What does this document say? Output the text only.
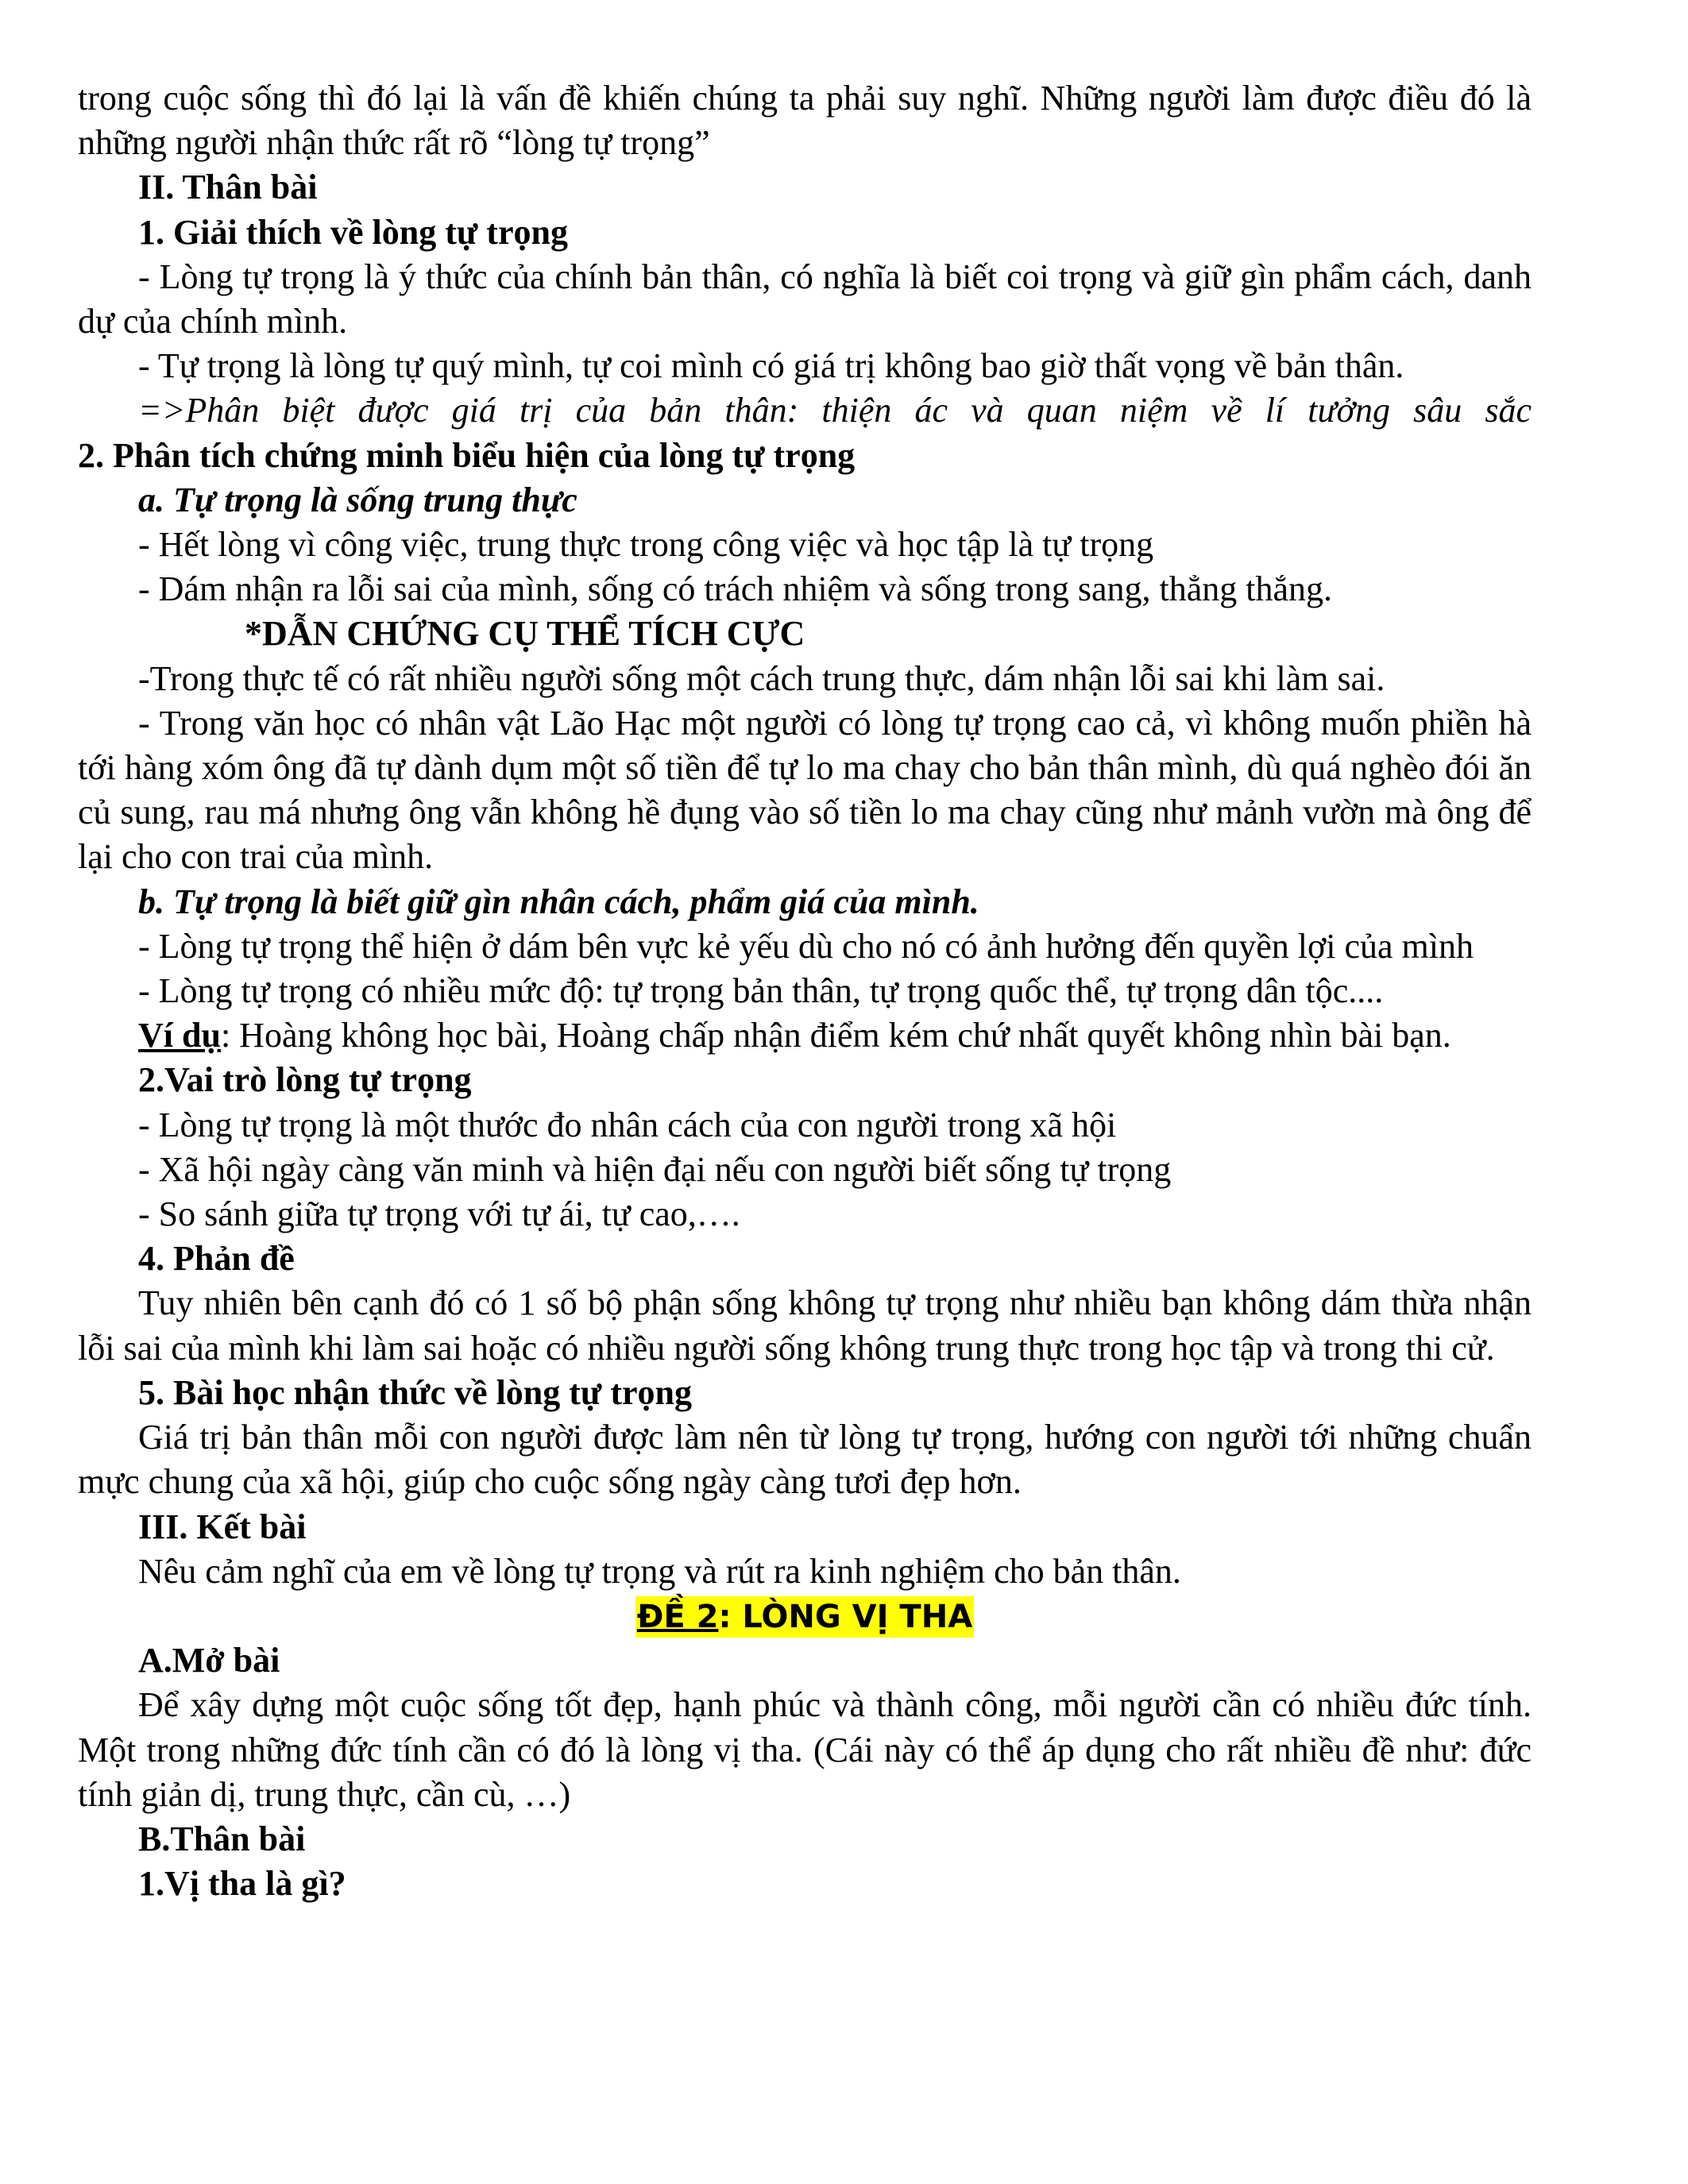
trong cuộc sống thì đó lại là vấn đề khiến chúng ta phải suy nghĩ. Những người làm được điều đó là những người nhận thức rất rõ “lòng tự trọng”

II. Thân bài

1. Giải thích về lòng tự trọng

- Lòng tự trọng là ý thức của chính bản thân, có nghĩa là biết coi trọng và giữ gìn phẩm cách, danh dự của chính mình.

- Tự trọng là lòng tự quý mình, tự coi mình có giá trị không bao giờ thất vọng về bản thân.

=>Phân biệt được giá trị của bản thân: thiện ác và quan niệm về lí tưởng sâu sắc

2. Phân tích chứng minh biểu hiện của lòng tự trọng

a. Tự trọng là sống trung thực

- Hết lòng vì công việc, trung thực trong công việc và học tập là tự trọng

- Dám nhận ra lỗi sai của mình, sống có trách nhiệm và sống trong sang, thẳng thắng.

*DẪN CHỨNG CỤ THỂ TÍCH CỰC

-Trong thực tế có rất nhiều người sống một cách trung thực, dám nhận lỗi sai khi làm sai.

- Trong văn học có nhân vật Lão Hạc một người có lòng tự trọng cao cả, vì không muốn phiền hà tới hàng xóm ông đã tự dành dụm một số tiền để tự lo ma chay cho bản thân mình, dù quá nghèo đói ăn củ sung, rau má nhưng ông vẫn không hề đụng vào số tiền lo ma chay cũng như mảnh vườn mà ông để lại cho con trai của mình.

b. Tự trọng là biết giữ gìn nhân cách, phẩm giá của mình.

- Lòng tự trọng thể hiện ở dám bên vực kẻ yếu dù cho nó có ảnh hưởng đến quyền lợi của mình

- Lòng tự trọng có nhiều mức độ: tự trọng bản thân, tự trọng quốc thể, tự trọng dân tộc....

Ví dụ: Hoàng không học bài, Hoàng chấp nhận điểm kém chứ nhất quyết không nhìn bài bạn.

2.Vai trò lòng tự trọng

- Lòng tự trọng là một thước đo nhân cách của con người trong xã hội

- Xã hội ngày càng văn minh và hiện đại nếu con người biết sống tự trọng

- So sánh giữa tự trọng với tự ái, tự cao,….

4. Phản đề

Tuy nhiên bên cạnh đó có 1 số bộ phận sống không tự trọng như nhiều bạn không dám thừa nhận lỗi sai của mình khi làm sai hoặc có nhiều người sống không trung thực trong học tập và trong thi cử.

5. Bài học nhận thức về lòng tự trọng

Giá trị bản thân mỗi con người được làm nên từ lòng tự trọng, hướng con người tới những chuẩn mực chung của xã hội, giúp cho cuộc sống ngày càng tươi đẹp hơn.

III. Kết bài

Nêu cảm nghĩ của em về lòng tự trọng và rút ra kinh nghiệm cho bản thân.

ĐỀ 2: LÒNG VỊ THA

A.Mở bài

Để xây dựng một cuộc sống tốt đẹp, hạnh phúc và thành công, mỗi người cần có nhiều đức tính. Một trong những đức tính cần có đó là lòng vị tha. (Cái này có thể áp dụng cho rất nhiều đề như: đức tính giản dị, trung thực, cần cù, …)

B.Thân bài

1.Vị tha là gì?
